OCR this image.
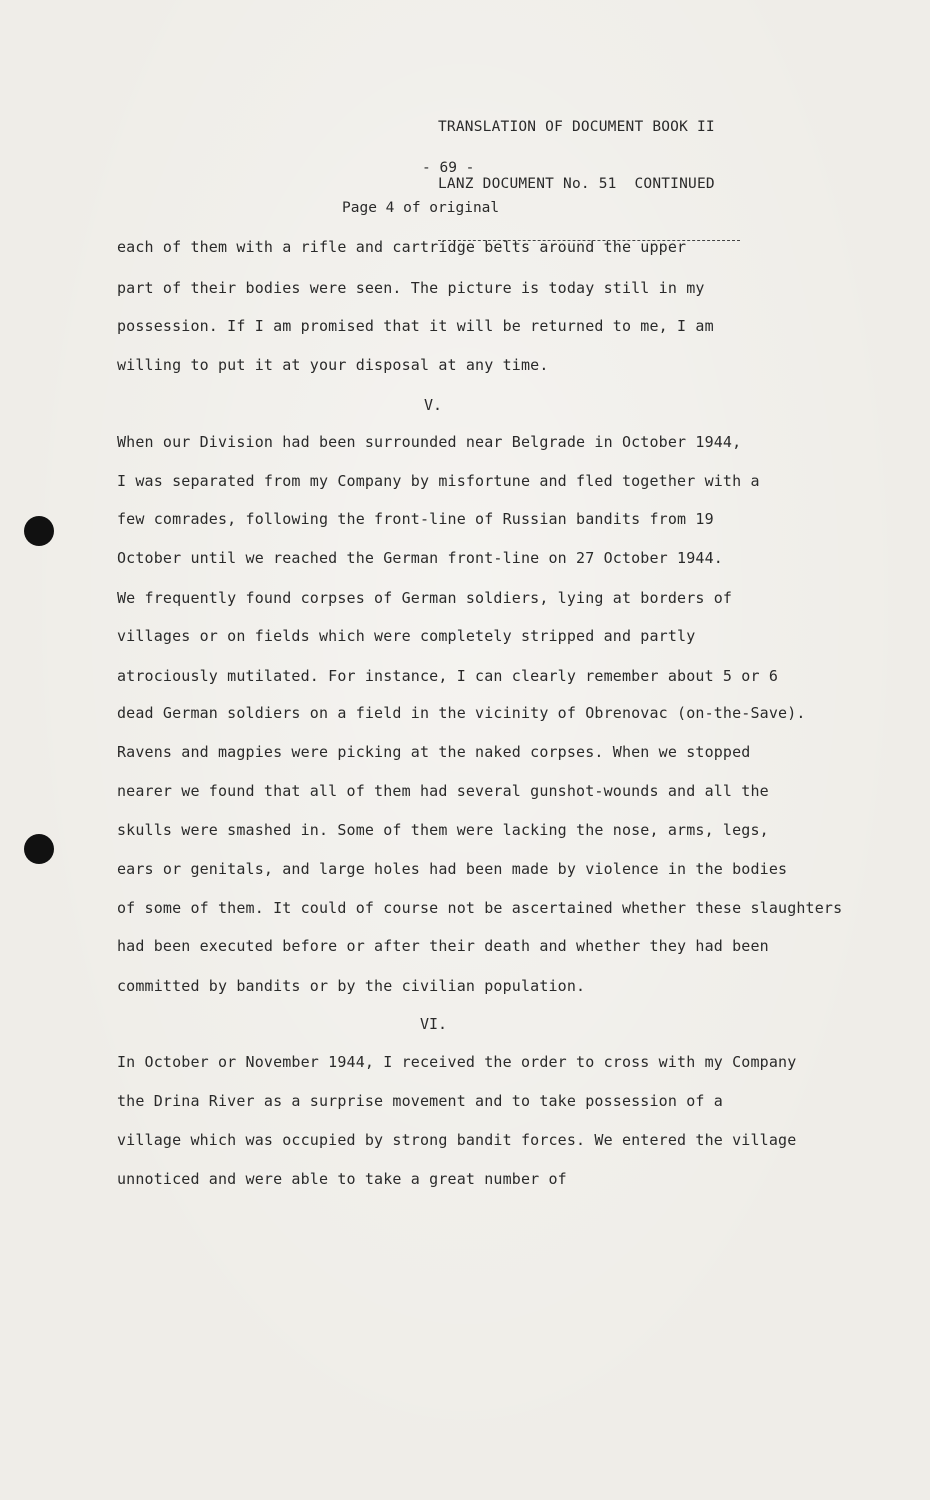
TRANSLATION OF DOCUMENT BOOK II

LANZ DOCUMENT No. 51  CONTINUED

- 69 -
Page 4 of original
each of them with a rifle and cartridge belts around the upper
part of their bodies were seen. The picture is today still in my
possession. If I am promised that it will be returned to me, I am
willing to put it at your disposal at any time.
V.
When our Division had been surrounded near Belgrade in October 1944,
I was separated from my Company by misfortune and fled together with a
few comrades, following the front-line of Russian bandits from 19
October until we reached the German front-line on 27 October 1944.
We frequently found corpses of German soldiers, lying at borders of
villages or on fields which were completely stripped and partly
atrociously mutilated. For instance, I can clearly remember about 5 or 6
dead German soldiers on a field in the vicinity of Obrenovac (on-the-Save).
Ravens and magpies were picking at the naked corpses. When we stopped
nearer we found that all of them had several gunshot-wounds and all the
skulls were smashed in. Some of them were lacking the nose, arms, legs,
ears or genitals, and large holes had been made by violence in the bodies
of some of them. It could of course not be ascertained whether these slaughters
had been executed before or after their death and whether they had been
committed by bandits or by the civilian population.
VI.
In October or November 1944, I received the order to cross with my Company
the Drina River as a surprise movement and to take possession of a
village which was occupied by strong bandit forces. We entered the village
unnoticed and were able to take a great number of
